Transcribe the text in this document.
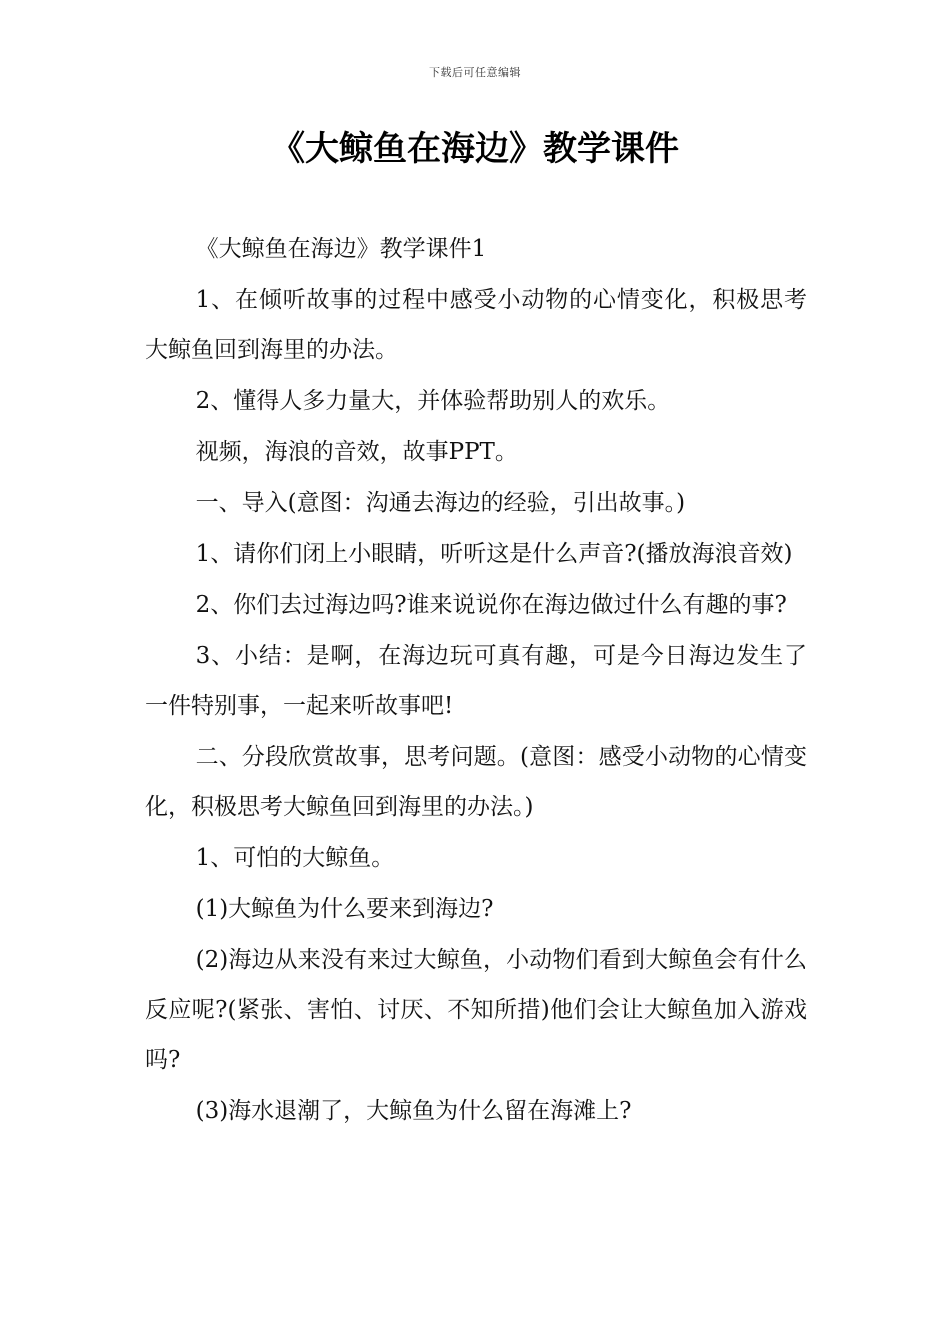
下载后可任意编辑
《大鲸鱼在海边》教学课件

《大鲸鱼在海边》教学课件1

1、在倾听故事的过程中感受小动物的心情变化，积极思考大鲸鱼回到海里的办法。

2、懂得人多力量大，并体验帮助别人的欢乐。

视频，海浪的音效，故事PPT。

一、导入(意图：沟通去海边的经验，引出故事。)

1、请你们闭上小眼睛，听听这是什么声音?(播放海浪音效)

2、你们去过海边吗?谁来说说你在海边做过什么有趣的事?

3、小结：是啊，在海边玩可真有趣，可是今日海边发生了一件特别事，一起来听故事吧!

二、分段欣赏故事，思考问题。(意图：感受小动物的心情变化，积极思考大鲸鱼回到海里的办法。)

1、可怕的大鲸鱼。

(1)大鲸鱼为什么要来到海边?

(2)海边从来没有来过大鲸鱼，小动物们看到大鲸鱼会有什么反应呢?(紧张、害怕、讨厌、不知所措)他们会让大鲸鱼加入游戏吗?

(3)海水退潮了，大鲸鱼为什么留在海滩上?
